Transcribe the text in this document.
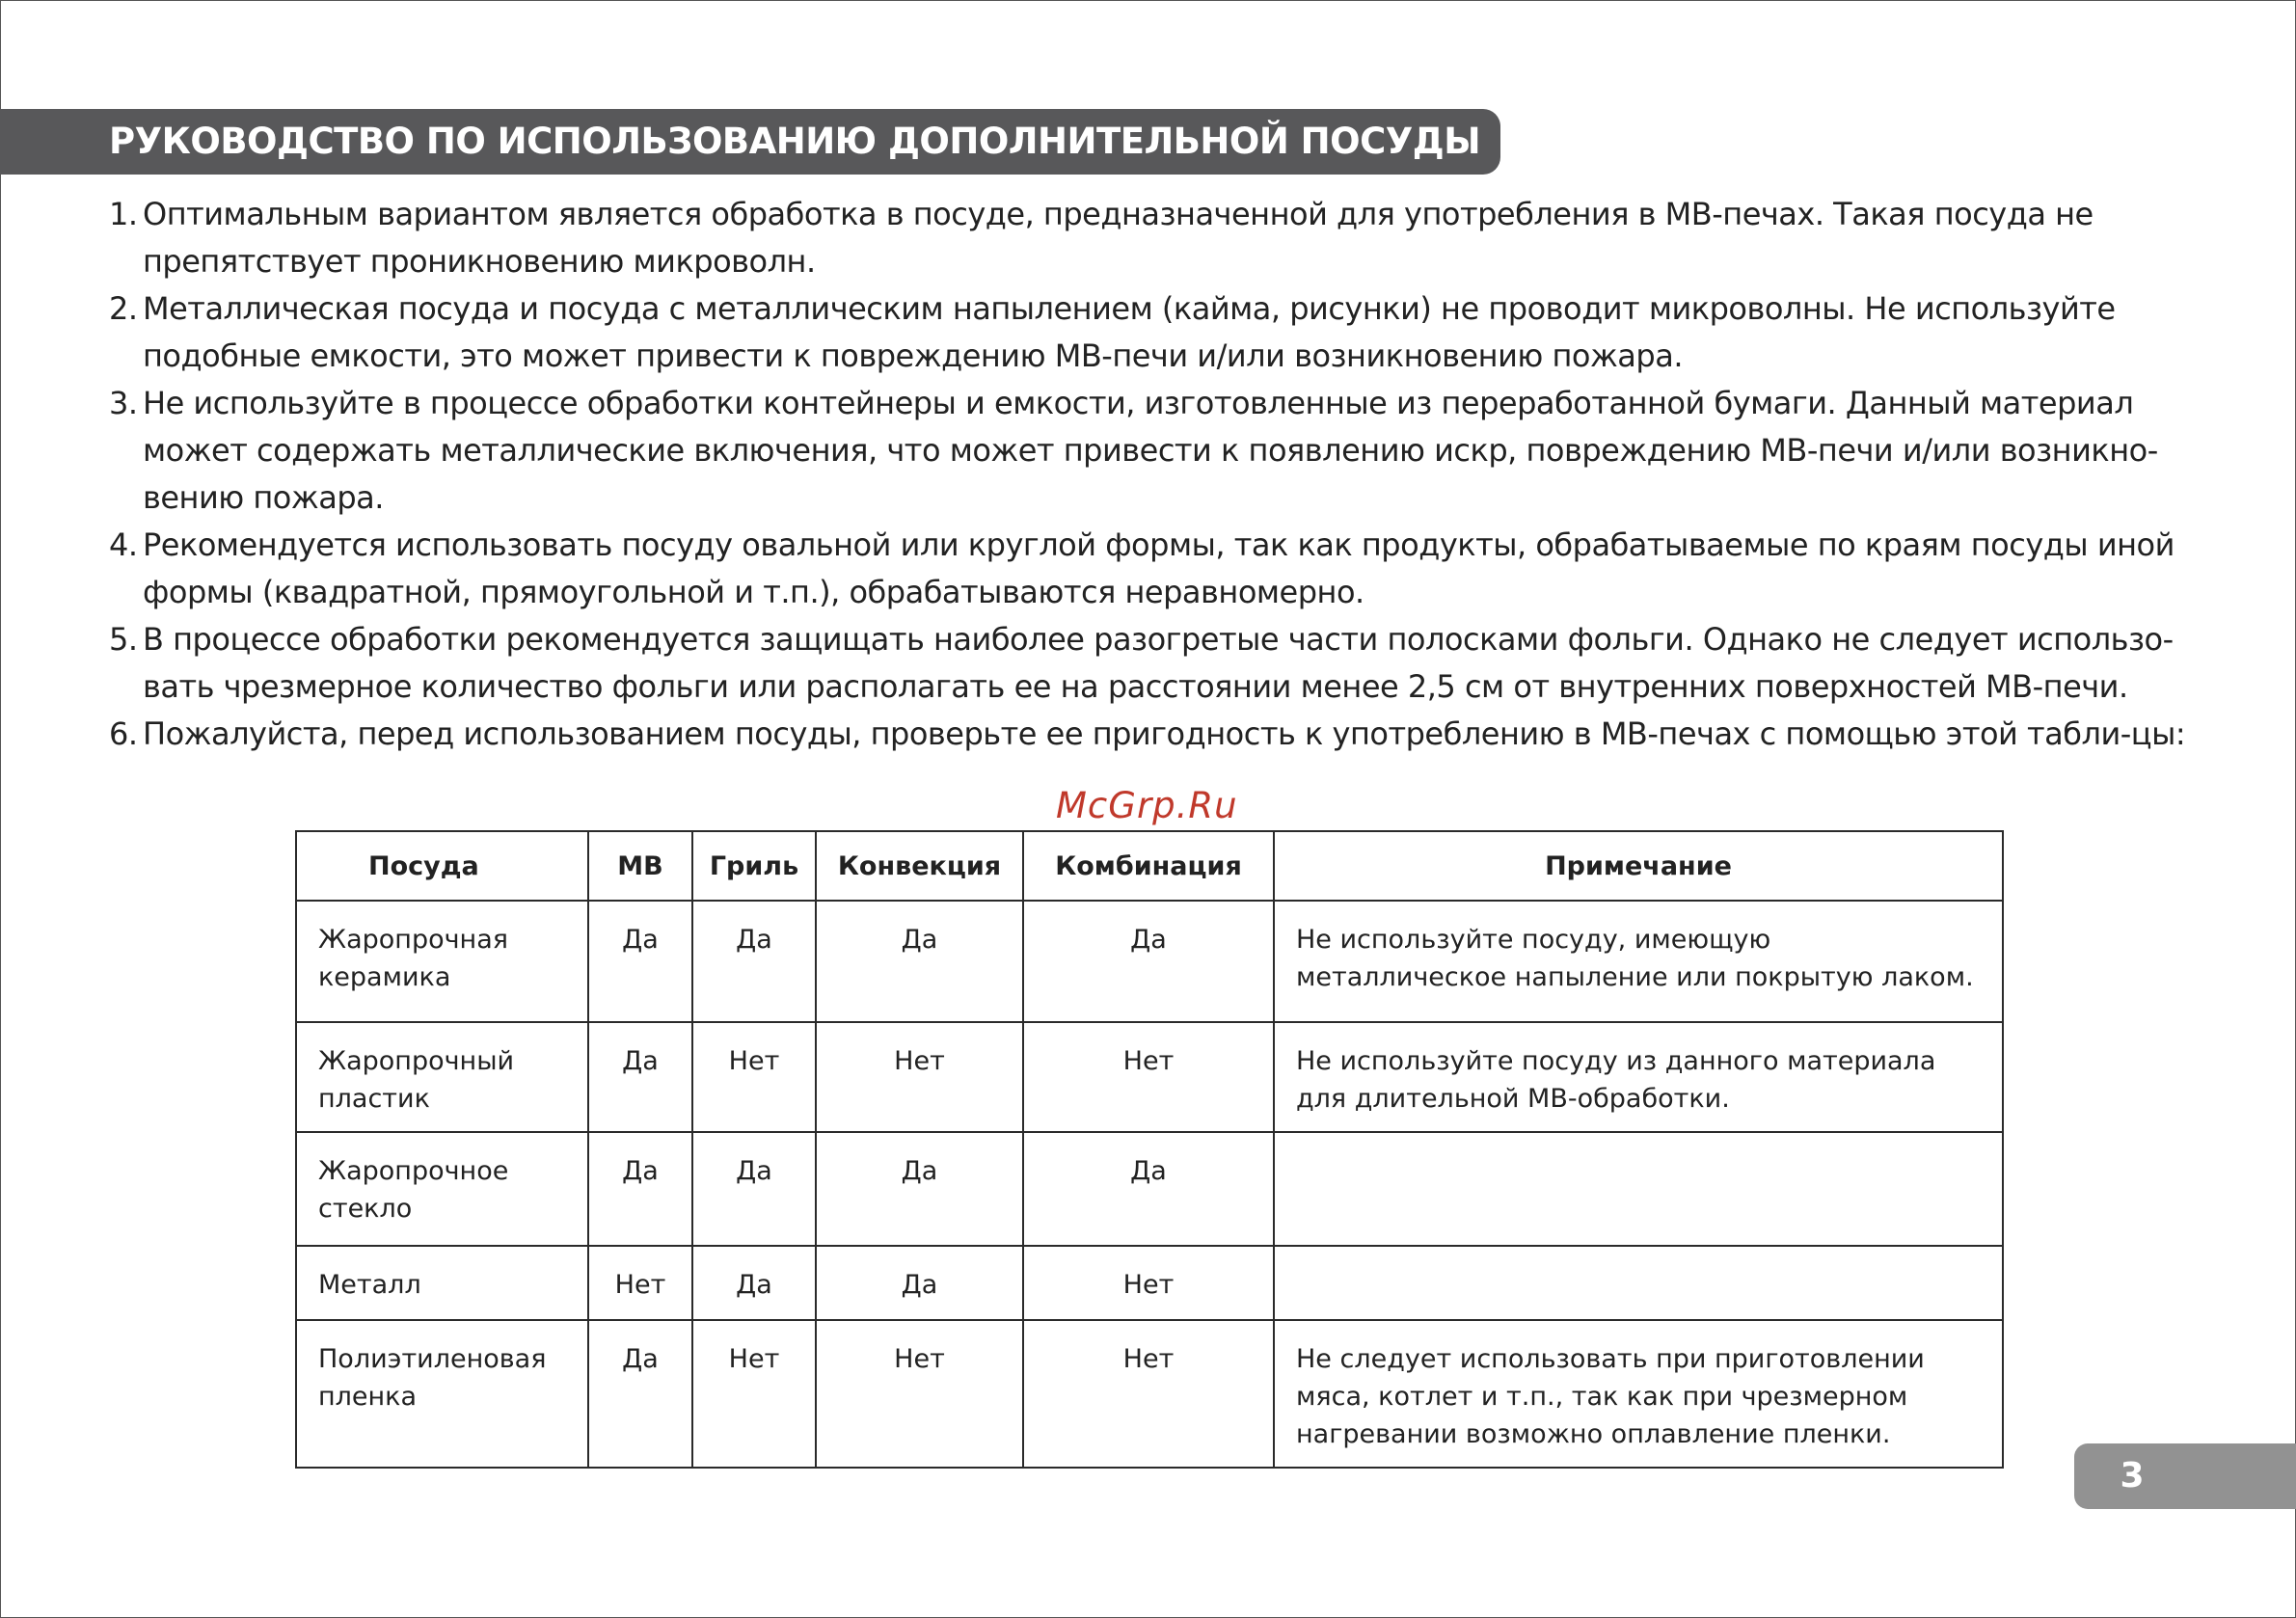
РУКОВОДСТВО ПО ИСПОЛЬЗОВАНИЮ ДОПОЛНИТЕЛЬНОЙ ПОСУДЫ
1. Оптимальным вариантом является обработка в посуде, предназначенной для употребления в МВ-печах. Такая посуда не препятствует проникновению микроволн.
2. Металлическая посуда и посуда с металлическим напылением (кайма, рисунки) не проводит микроволны. Не используйте подобные емкости, это может привести к повреждению МВ-печи и/или возникновению пожара.
3. Не используйте в процессе обработки контейнеры и емкости, изготовленные из переработанной бумаги. Данный материал может содержать металлические включения, что может привести к появлению искр, повреждению МВ-печи и/или возникно-вению пожара.
4. Рекомендуется использовать посуду овальной или круглой формы, так как продукты, обрабатываемые по краям посуды иной формы (квадратной, прямоугольной и т.п.), обрабатываются неравномерно.
5. В процессе обработки рекомендуется защищать наиболее разогретые части полосками фольги. Однако не следует использо-вать чрезмерное количество фольги или располагать ее на расстоянии менее 2,5 см от внутренних поверхностей МВ-печи.
6. Пожалуйста, перед использованием посуды, проверьте ее пригодность к употреблению в МВ-печах с помощью этой табли-цы:
McGrp.Ru
Посуда	МВ	Гриль	Конвекция	Комбинация	Примечание
Жаропрочная керамика	Да	Да	Да	Да	Не используйте посуду, имеющую металлическое напыление или покрытую лаком.
Жаропрочный пластик	Да	Нет	Нет	Нет	Не используйте посуду из данного материала для длительной МВ-обработки.
Жаропрочное стекло	Да	Да	Да	Да	
Металл	Нет	Да	Да	Нет	
Полиэтиленовая пленка	Да	Нет	Нет	Нет	Не следует использовать при приготовлении мяса, котлет и т.п., так как при чрезмерном нагревании возможно оплавление пленки.
3
